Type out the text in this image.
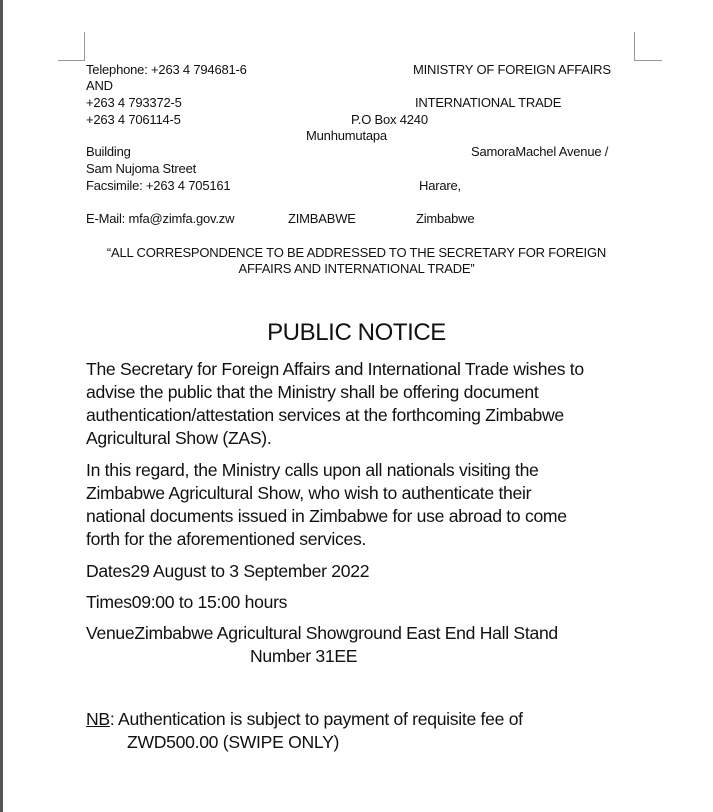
Telephone: +263 4 794681-6
AND
+263 4 793372-5
+263 4 706114-5
MINISTRY OF FOREIGN AFFAIRS
INTERNATIONAL TRADE
P.O Box 4240
Munhumutapa
Building	SamoraMachel Avenue /
Sam Nujoma Street
Facsimile: +263 4 705161	Harare,
E-Mail: mfa@zimfa.gov.zw	ZIMBABWE	Zimbabwe
“ALL CORRESPONDENCE TO BE ADDRESSED TO THE SECRETARY FOR FOREIGN
AFFAIRS AND INTERNATIONAL TRADE”
PUBLIC NOTICE
The Secretary for Foreign Affairs and International Trade wishes to
advise the public that the Ministry shall be offering document
authentication/attestation services at the forthcoming Zimbabwe
Agricultural Show (ZAS).
In this regard, the Ministry calls upon all nationals visiting the
Zimbabwe Agricultural Show, who wish to authenticate their
national documents issued in Zimbabwe for use abroad to come
forth for the aforementioned services.
Dates29 August to 3 September 2022
Times09:00 to 15:00 hours
VenueZimbabwe Agricultural Showground East End Hall Stand
Number 31EE
NB: Authentication is subject to payment of requisite fee of
ZWD500.00 (SWIPE ONLY)
